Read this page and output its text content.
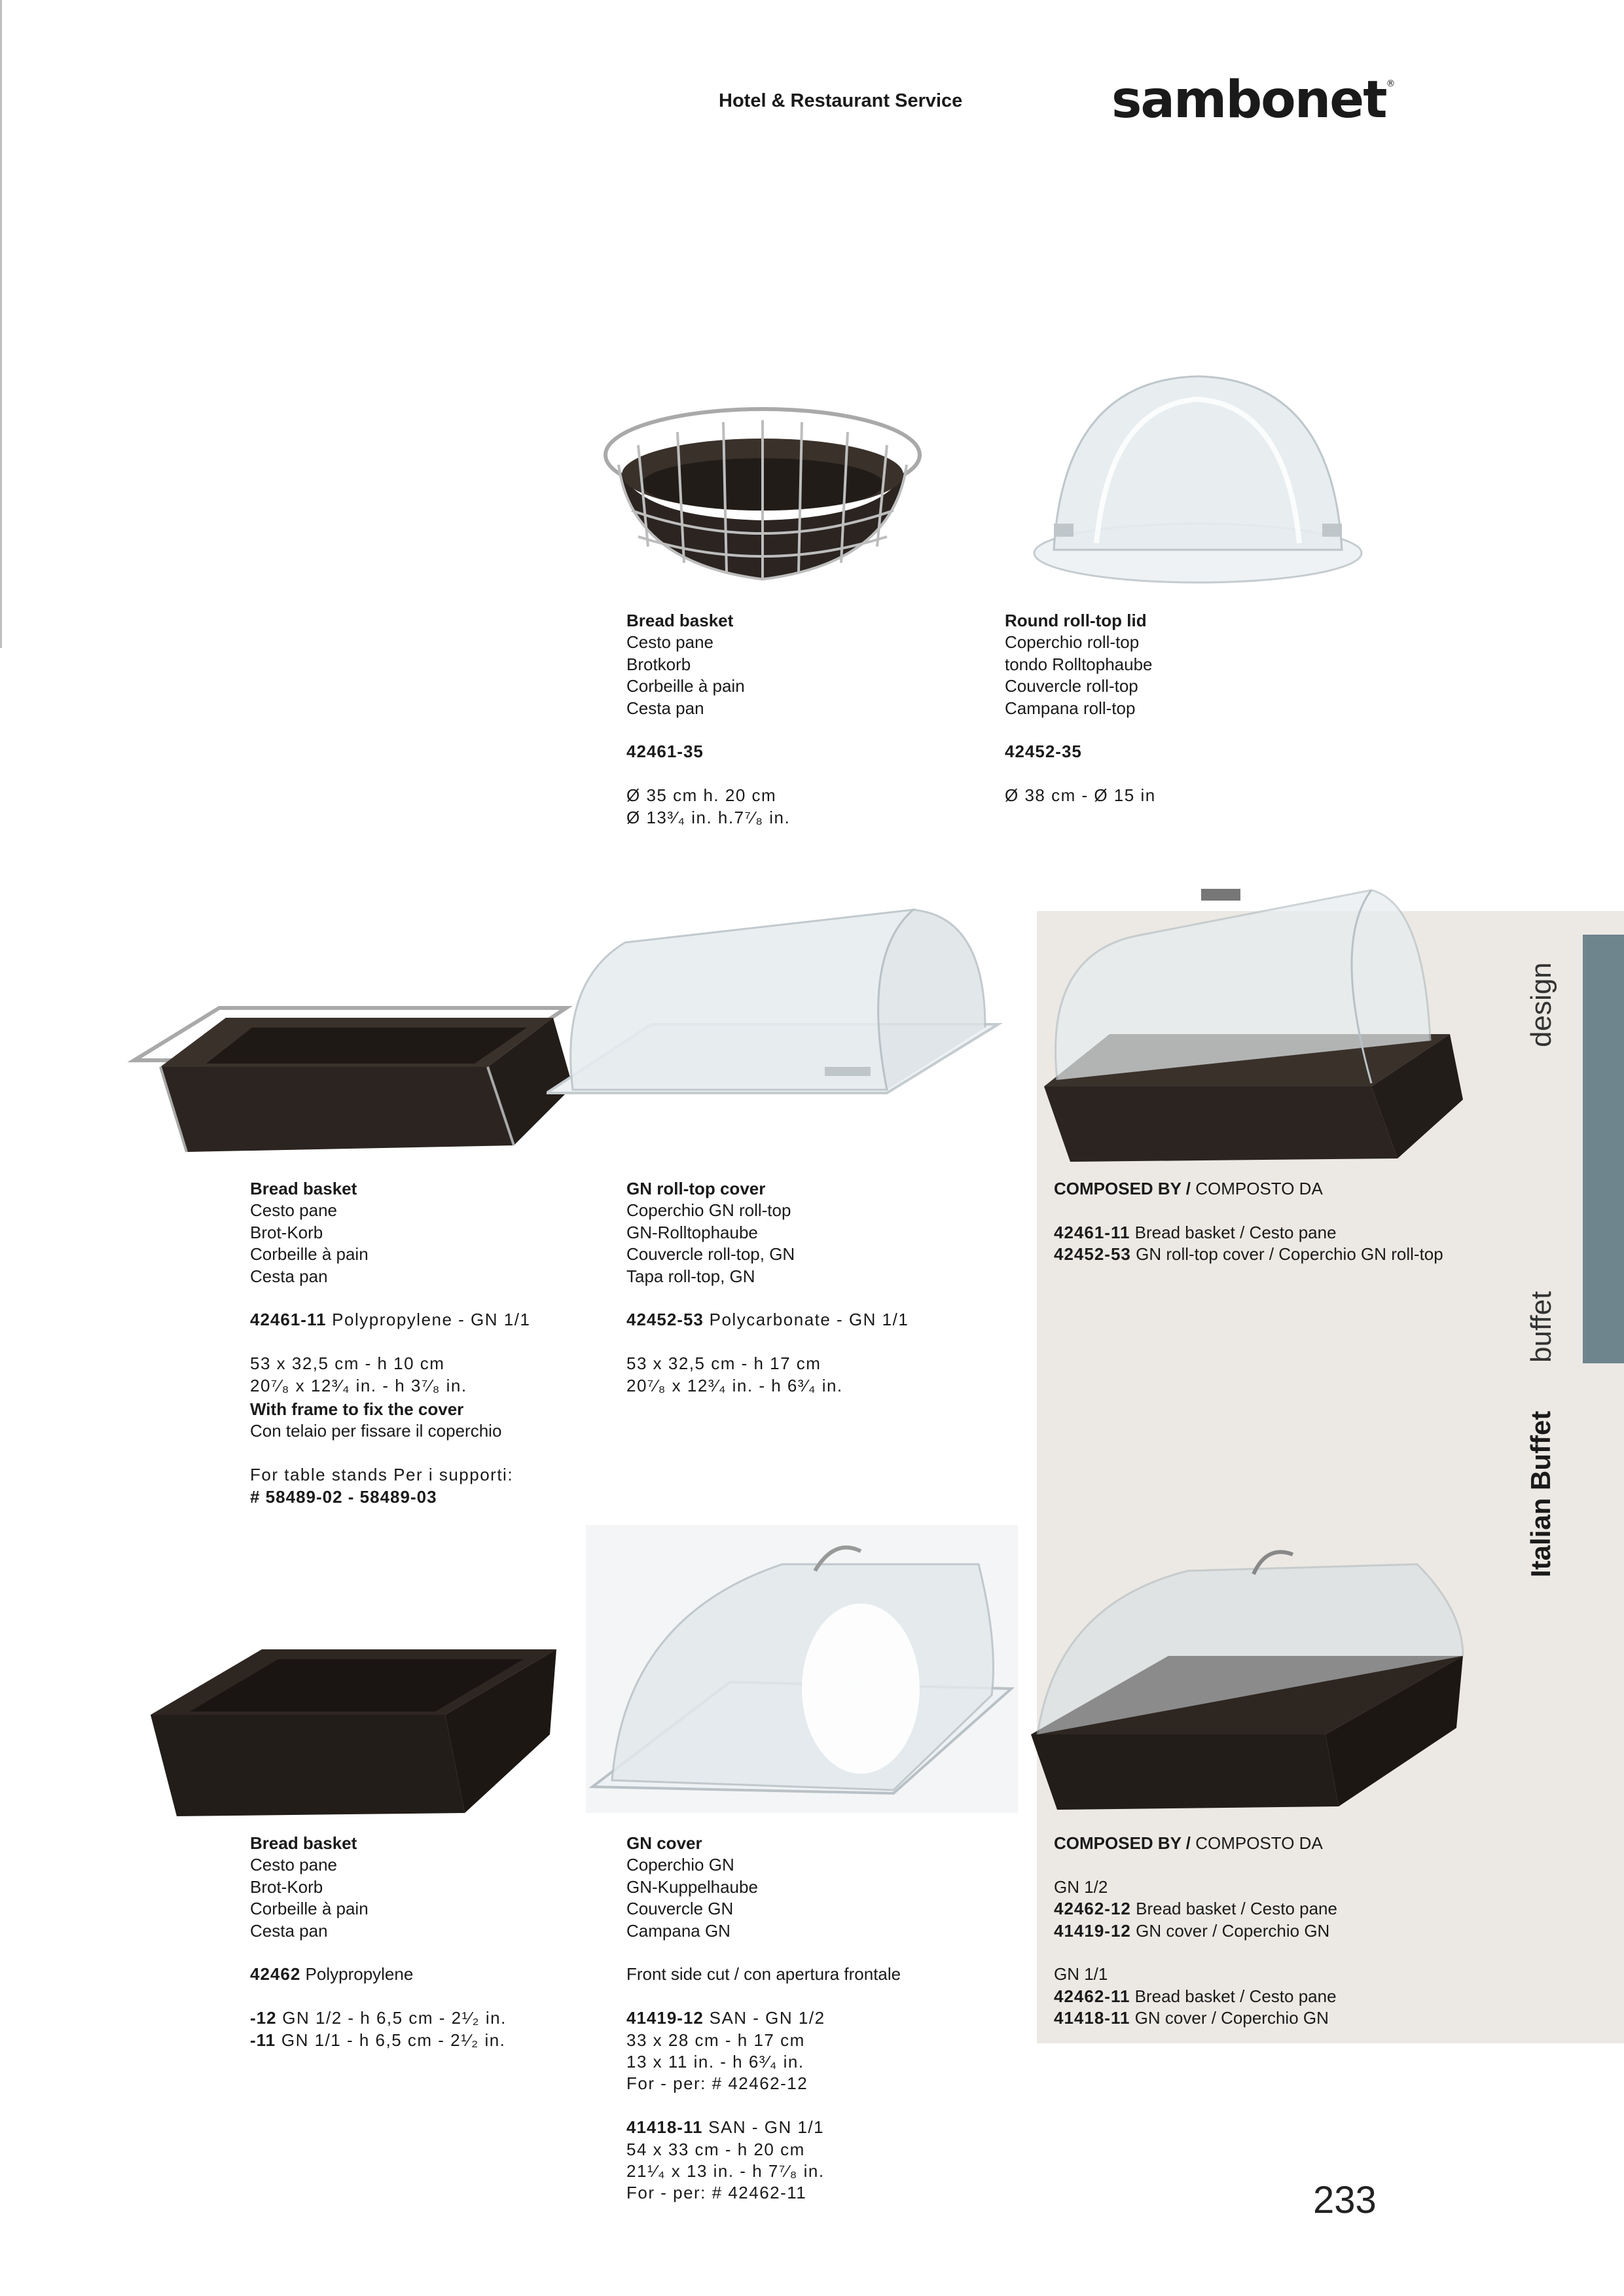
Hotel & Restaurant Service	sambonet®
design
buffet
Italian Buffet
Bread basket
Cesto pane
Brotkorb
Corbeille à pain
Cesta pan
42461-35
Ø 35 cm h. 20 cm
Ø 13³⁄₄ in. h.7⁷⁄₈ in.
Round roll-top lid
Coperchio roll-top
tondo Rolltophaube
Couvercle roll-top
Campana roll-top
42452-35
Ø 38 cm - Ø 15 in
Bread basket
Cesto pane
Brot-Korb
Corbeille à pain
Cesta pan
42461-11 Polypropylene - GN 1/1
53 x 32,5 cm - h 10 cm
20⁷⁄₈ x 12³⁄₄ in. - h 3⁷⁄₈ in.
With frame to fix the cover
Con telaio per fissare il coperchio
For table stands Per i supporti:
# 58489-02 - 58489-03
GN roll-top cover
Coperchio GN roll-top
GN-Rolltophaube
Couvercle roll-top, GN
Tapa roll-top, GN
42452-53 Polycarbonate - GN 1/1
53 x 32,5 cm - h 17 cm
20⁷⁄₈ x 12³⁄₄ in. - h 6³⁄₄ in.
COMPOSED BY / COMPOSTO DA
42461-11 Bread basket / Cesto pane
42452-53 GN roll-top cover / Coperchio GN roll-top
Bread basket
Cesto pane
Brot-Korb
Corbeille à pain
Cesta pan
42462 Polypropylene
-12 GN 1/2 - h 6,5 cm - 2¹⁄₂ in.
-11 GN 1/1 - h 6,5 cm - 2¹⁄₂ in.
GN cover
Coperchio GN
GN-Kuppelhaube
Couvercle GN
Campana GN
Front side cut / con apertura frontale
41419-12 SAN - GN 1/2
33 x 28 cm - h 17 cm
13 x 11 in. - h 6³⁄₄ in.
For - per: # 42462-12
41418-11 SAN - GN 1/1
54 x 33 cm - h 20 cm
21¹⁄₄ x 13 in. - h 7⁷⁄₈ in.
For - per: # 42462-11
COMPOSED BY / COMPOSTO DA
GN 1/2
42462-12 Bread basket / Cesto pane
41419-12 GN cover / Coperchio GN
GN 1/1
42462-11 Bread basket / Cesto pane
41418-11 GN cover / Coperchio GN
233
